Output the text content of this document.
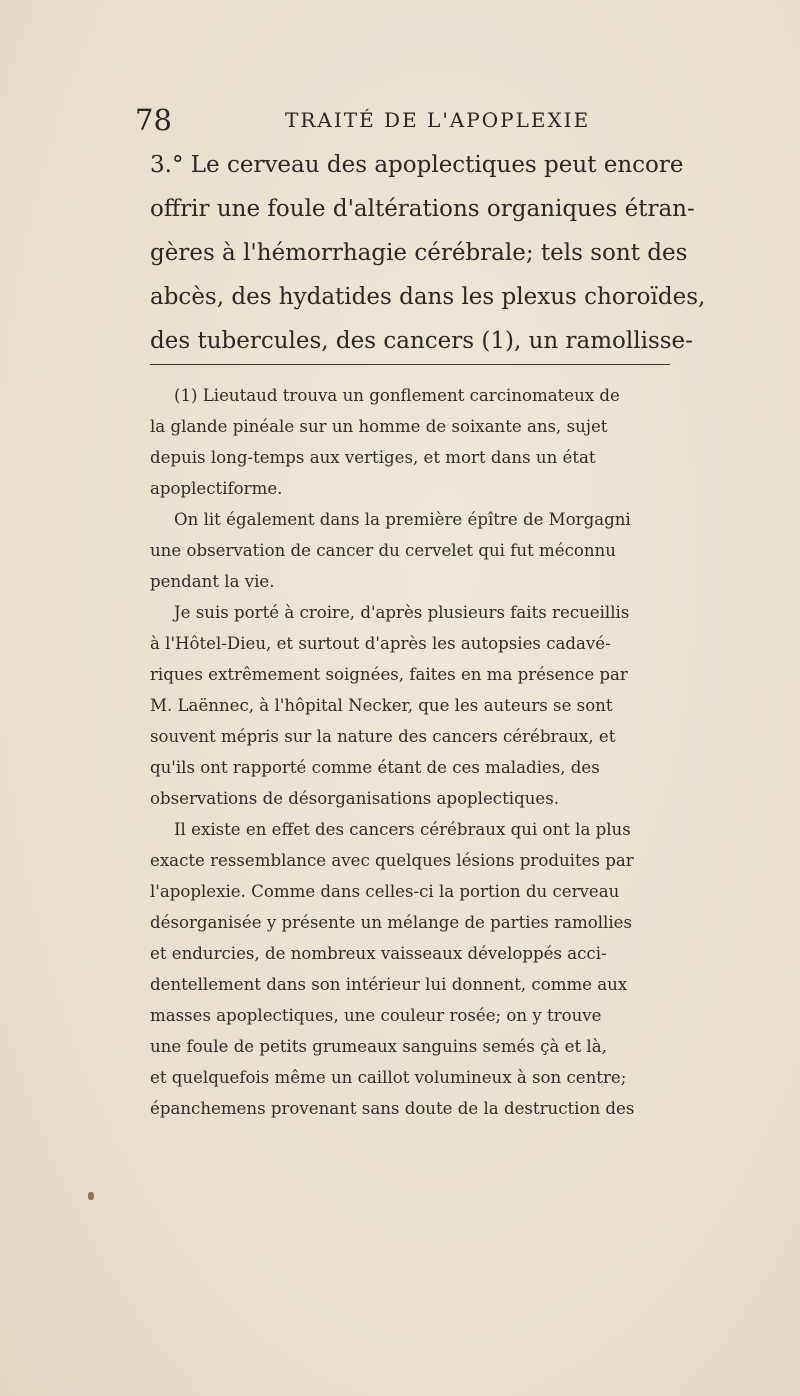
78	TRAITÉ DE L'APOPLEXIE
3.° Le cerveau des apoplectiques peut encore
offrir une foule d'altérations organiques étran-
gères à l'hémorrhagie cérébrale; tels sont des
abcès, des hydatides dans les plexus choroïdes,
des tubercules, des cancers (1), un ramollisse-
(1) Lieutaud trouva un gonflement carcinomateux de
la glande pinéale sur un homme de soixante ans, sujet
depuis long-temps aux vertiges, et mort dans un état
apoplectiforme.
On lit également dans la première épître de Morgagni
une observation de cancer du cervelet qui fut méconnu
pendant la vie.
Je suis porté à croire, d'après plusieurs faits recueillis
à l'Hôtel-Dieu, et surtout d'après les autopsies cadavé-
riques extrêmement soignées, faites en ma présence par
M. Laënnec, à l'hôpital Necker, que les auteurs se sont
souvent mépris sur la nature des cancers cérébraux, et
qu'ils ont rapporté comme étant de ces maladies, des
observations de désorganisations apoplectiques.
Il existe en effet des cancers cérébraux qui ont la plus
exacte ressemblance avec quelques lésions produites par
l'apoplexie. Comme dans celles-ci la portion du cerveau
désorganisée y présente un mélange de parties ramollies
et endurcies, de nombreux vaisseaux développés acci-
dentellement dans son intérieur lui donnent, comme aux
masses apoplectiques, une couleur rosée; on y trouve
une foule de petits grumeaux sanguins semés çà et là,
et quelquefois même un caillot volumineux à son centre;
épanchemens provenant sans doute de la destruction des
